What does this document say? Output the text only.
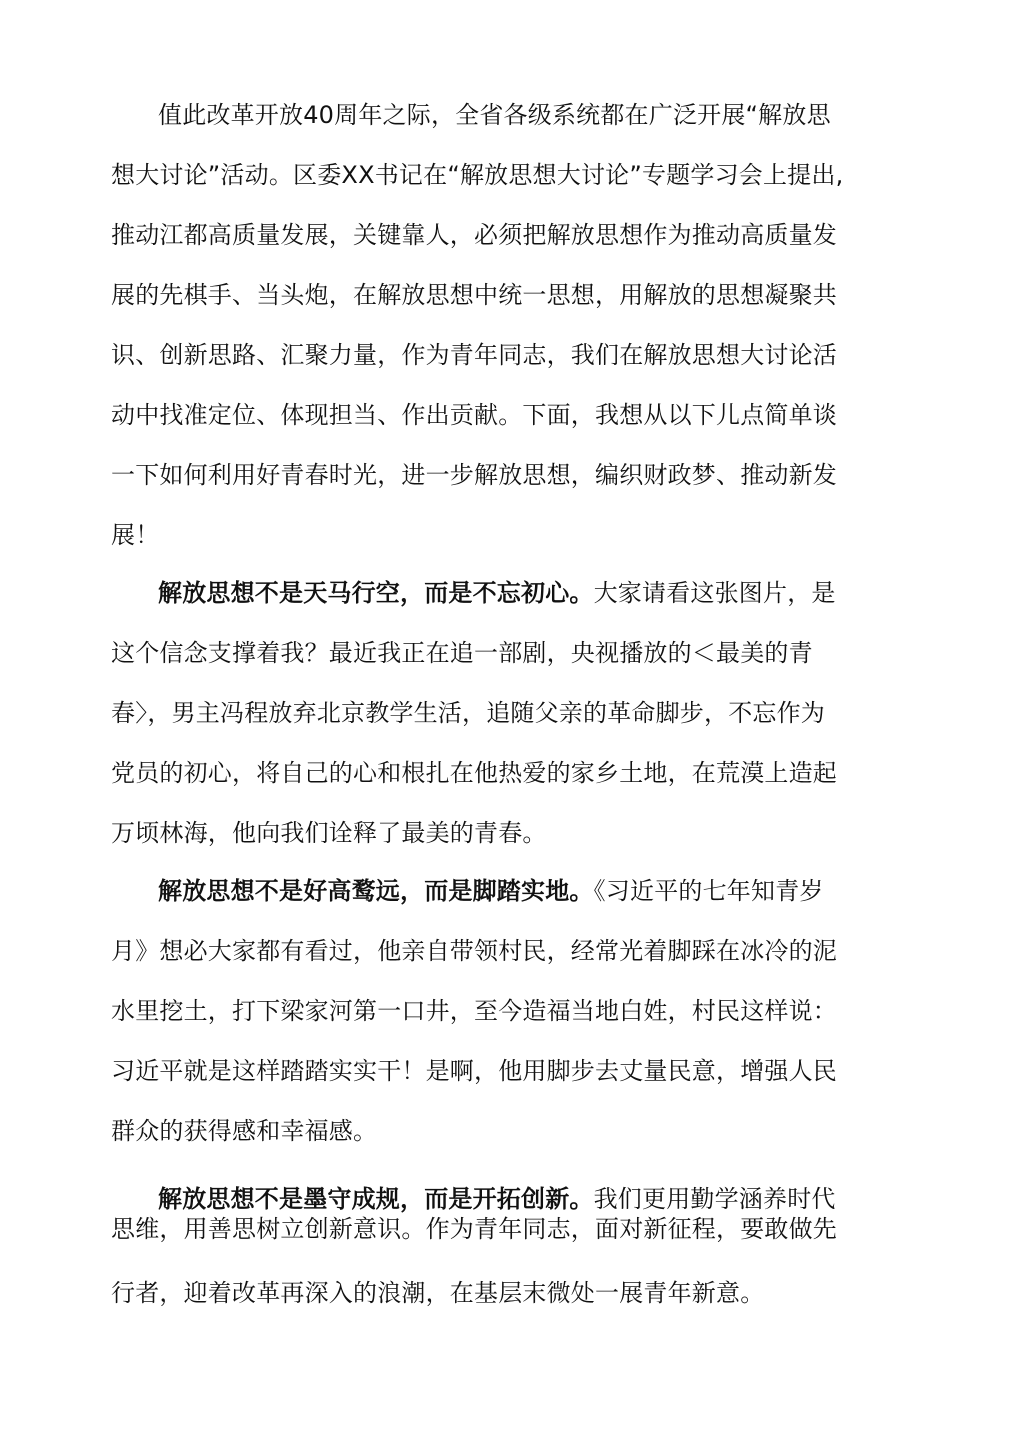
值此改革开放40周年之际，全省各级系统都在广泛开展“解放思
想大讨论”活动。区委XX书记在“解放思想大讨论”专题学习会上提出,
推动江都高质量发展，关键靠人，必须把解放思想作为推动高质量发
展的先棋手、当头炮，在解放思想中统一思想，用解放的思想凝聚共
识、创新思路、汇聚力量，作为青年同志，我们在解放思想大讨论活
动中找准定位、体现担当、作出贡献。下面，我想从以下儿点简单谈
一下如何利用好青春时光，进一步解放思想，编织财政梦、推动新发
展！
解放思想不是天马行空，而是不忘初心。大家请看这张图片，是
这个信念支撑着我？最近我正在追一部剧，央视播放的＜最美的青
春〉，男主冯程放弃北京教学生活，追随父亲的革命脚步，不忘作为
党员的初心，将自己的心和根扎在他热爱的家乡土地，在荒漠上造起
万顷林海，他向我们诠释了最美的青春。
解放思想不是好高鹜远，而是脚踏实地。《习近平的七年知青岁
月》想必大家都有看过，他亲自带领村民，经常光着脚踩在冰冷的泥
水里挖土，打下梁家河第一口井，至今造福当地白姓，村民这样说：
习近平就是这样踏踏实实干！是啊，他用脚步去丈量民意，增强人民
群众的获得感和幸福感。
解放思想不是墨守成规，而是开拓创新。我们更用勤学涵养时代
思维，用善思树立创新意识。作为青年同志，面对新征程，要敢做先
行者，迎着改革再深入的浪潮，在基层末微处一展青年新意。
